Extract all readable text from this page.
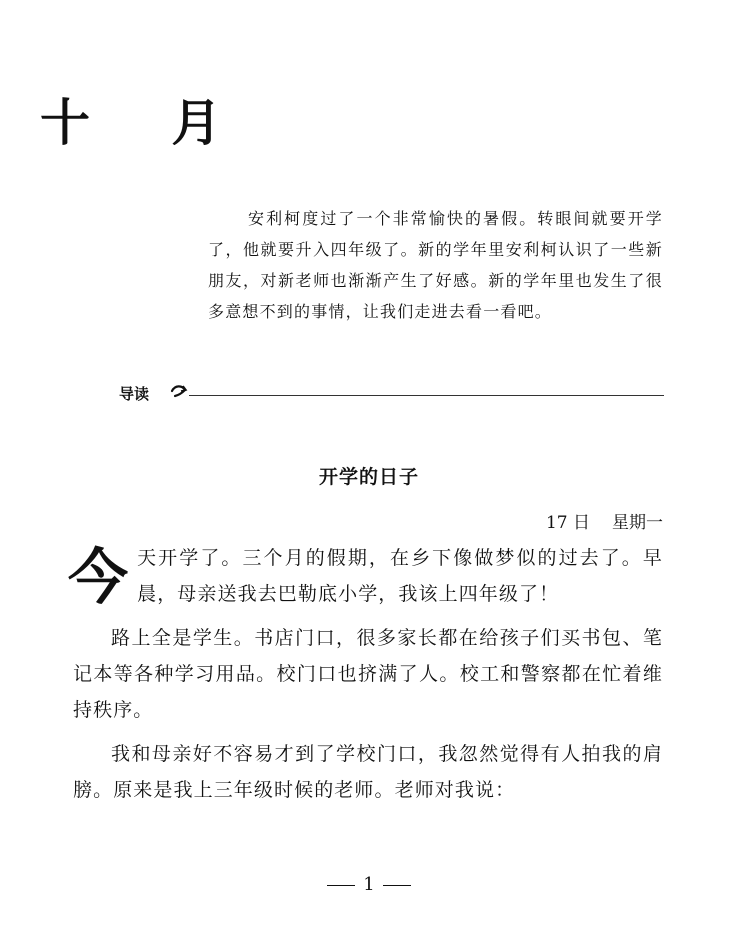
十 月
安利柯度过了一个非常愉快的暑假。转眼间就要开学了，他就要升入四年级了。新的学年里安利柯认识了一些新朋友，对新老师也渐渐产生了好感。新的学年里也发生了很多意想不到的事情，让我们走进去看一看吧。
导读
开学的日子
17 日 星期一

今天开学了。三个月的假期，在乡下像做梦似的过去了。早晨，母亲送我去巴勒底小学，我该上四年级了！

路上全是学生。书店门口，很多家长都在给孩子们买书包、笔记本等各种学习用品。校门口也挤满了人。校工和警察都在忙着维持秩序。

我和母亲好不容易才到了学校门口，我忽然觉得有人拍我的肩膀。原来是我上三年级时候的老师。老师对我说：

1
